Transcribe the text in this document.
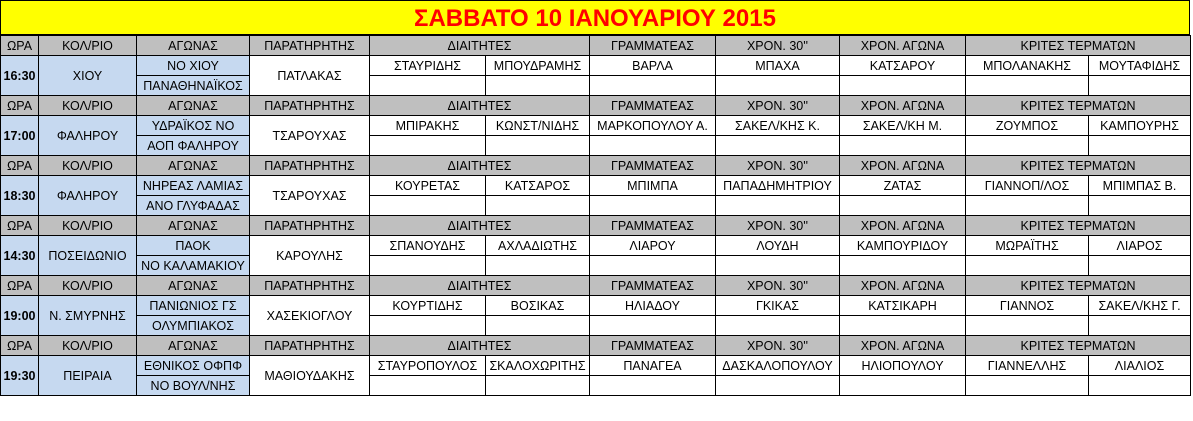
ΣΑΒΒΑΤΟ 10 ΙΑΝΟΥΑΡΙΟΥ 2015
ΩΡΑ	ΚΟΛ/ΡΙΟ	ΑΓΩΝΑΣ	ΠΑΡΑΤΗΡΗΤΗΣ	ΔΙΑΙΤΗΤΕΣ		ΓΡΑΜΜΑΤΕΑΣ	ΧΡΟΝ. 30''	ΧΡΟΝ. ΑΓΩΝΑ	ΚΡΙΤΕΣ ΤΕΡΜΑΤΩΝ	
16:30	ΧΙΟΥ	ΝΟ ΧΙΟΥ	ΠΑΤΛΑΚΑΣ	ΣΤΑΥΡΙΔΗΣ	ΜΠΟΥΔΡΑΜΗΣ	ΒΑΡΛΑ	ΜΠΑΧΑ	ΚΑΤΣΑΡΟΥ	ΜΠΟΛΑΝΑΚΗΣ	ΜΟΥΤΑΦΙΔΗΣ
		ΠΑΝΑΘΗΝΑΪΚΟΣ								
ΩΡΑ	ΚΟΛ/ΡΙΟ	ΑΓΩΝΑΣ	ΠΑΡΑΤΗΡΗΤΗΣ	ΔΙΑΙΤΗΤΕΣ		ΓΡΑΜΜΑΤΕΑΣ	ΧΡΟΝ. 30''	ΧΡΟΝ. ΑΓΩΝΑ	ΚΡΙΤΕΣ ΤΕΡΜΑΤΩΝ	
17:00	ΦΑΛΗΡΟΥ	ΥΔΡΑΪΚΟΣ ΝΟ	ΤΣΑΡΟΥΧΑΣ	ΜΠΙΡΑΚΗΣ	ΚΩΝΣΤ/ΝΙΔΗΣ	ΜΑΡΚΟΠΟΥΛΟΥ Α.	ΣΑΚΕΛ/ΚΗΣ Κ.	ΣΑΚΕΛ/ΚΗ Μ.	ΖΟΥΜΠΟΣ	ΚΑΜΠΟΥΡΗΣ
		ΑΟΠ ΦΑΛΗΡΟΥ								
ΩΡΑ	ΚΟΛ/ΡΙΟ	ΑΓΩΝΑΣ	ΠΑΡΑΤΗΡΗΤΗΣ	ΔΙΑΙΤΗΤΕΣ		ΓΡΑΜΜΑΤΕΑΣ	ΧΡΟΝ. 30''	ΧΡΟΝ. ΑΓΩΝΑ	ΚΡΙΤΕΣ ΤΕΡΜΑΤΩΝ	
18:30	ΦΑΛΗΡΟΥ	ΝΗΡΕΑΣ ΛΑΜΙΑΣ	ΤΣΑΡΟΥΧΑΣ	ΚΟΥΡΕΤΑΣ	ΚΑΤΣΑΡΟΣ	ΜΠΙΜΠΑ	ΠΑΠΑΔΗΜΗΤΡΙΟΥ	ΖΑΤΑΣ	ΓΙΑΝΝΟΠ/ΛΟΣ	ΜΠΙΜΠΑΣ Β.
		ΑΝΟ ΓΛΥΦΑΔΑΣ								
ΩΡΑ	ΚΟΛ/ΡΙΟ	ΑΓΩΝΑΣ	ΠΑΡΑΤΗΡΗΤΗΣ	ΔΙΑΙΤΗΤΕΣ		ΓΡΑΜΜΑΤΕΑΣ	ΧΡΟΝ. 30''	ΧΡΟΝ. ΑΓΩΝΑ	ΚΡΙΤΕΣ ΤΕΡΜΑΤΩΝ	
14:30	ΠΟΣΕΙΔΩΝΙΟ	ΠΑΟΚ	ΚΑΡΟΥΛΗΣ	ΣΠΑΝΟΥΔΗΣ	ΑΧΛΑΔΙΩΤΗΣ	ΛΙΑΡΟΥ	ΛΟΥΔΗ	ΚΑΜΠΟΥΡΙΔΟΥ	ΜΩΡΑΪΤΗΣ	ΛΙΑΡΟΣ
		ΝΟ ΚΑΛΑΜΑΚΙΟΥ								
ΩΡΑ	ΚΟΛ/ΡΙΟ	ΑΓΩΝΑΣ	ΠΑΡΑΤΗΡΗΤΗΣ	ΔΙΑΙΤΗΤΕΣ		ΓΡΑΜΜΑΤΕΑΣ	ΧΡΟΝ. 30''	ΧΡΟΝ. ΑΓΩΝΑ	ΚΡΙΤΕΣ ΤΕΡΜΑΤΩΝ	
19:00	Ν. ΣΜΥΡΝΗΣ	ΠΑΝΙΩΝΙΟΣ ΓΣ	ΧΑΣΕΚΙΟΓΛΟΥ	ΚΟΥΡΤΙΔΗΣ	ΒΟΣΙΚΑΣ	ΗΛΙΑΔΟΥ	ΓΚΙΚΑΣ	ΚΑΤΣΙΚΑΡΗ	ΓΙΑΝΝΟΣ	ΣΑΚΕΛ/ΚΗΣ Γ.
		ΟΛΥΜΠΙΑΚΟΣ								
ΩΡΑ	ΚΟΛ/ΡΙΟ	ΑΓΩΝΑΣ	ΠΑΡΑΤΗΡΗΤΗΣ	ΔΙΑΙΤΗΤΕΣ		ΓΡΑΜΜΑΤΕΑΣ	ΧΡΟΝ. 30''	ΧΡΟΝ. ΑΓΩΝΑ	ΚΡΙΤΕΣ ΤΕΡΜΑΤΩΝ	
19:30	ΠΕΙΡΑΙΑ	ΕΘΝΙΚΟΣ ΟΦΠΦ	ΜΑΘΙΟΥΔΑΚΗΣ	ΣΤΑΥΡΟΠΟΥΛΟΣ	ΣΚΑΛΟΧΩΡΙΤΗΣ	ΠΑΝΑΓΕΑ	ΔΑΣΚΑΛΟΠΟΥΛΟΥ	ΗΛΙΟΠΟΥΛΟΥ	ΓΙΑΝΝΕΛΛΗΣ	ΛΙΑΛΙΟΣ
		ΝΟ ΒΟΥΛ/ΝΗΣ								
